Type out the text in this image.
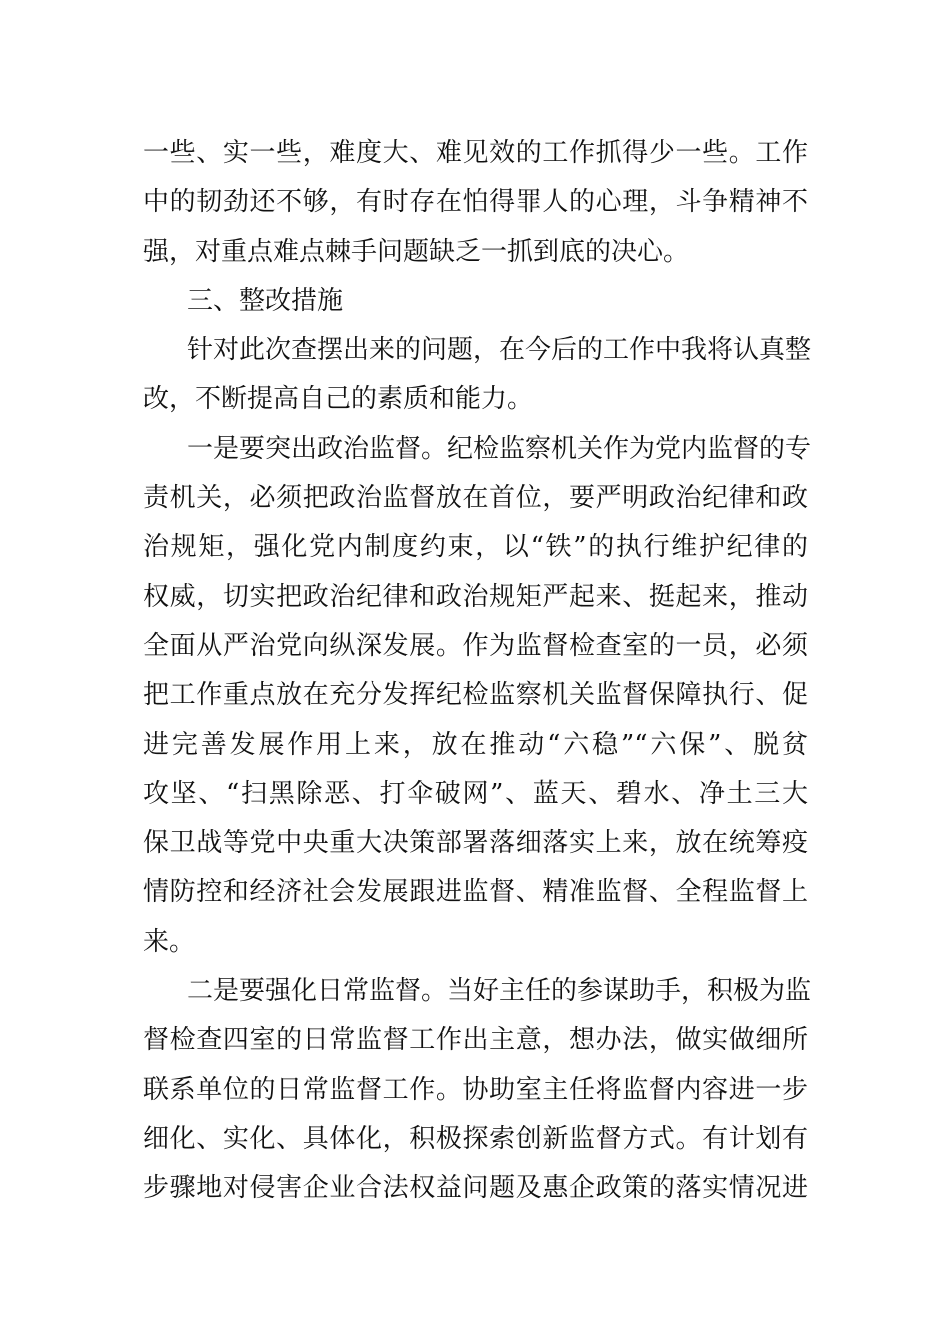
一些、实一些，难度大、难见效的工作抓得少一些。工作
中的韧劲还不够，有时存在怕得罪人的心理，斗争精神不
强，对重点难点棘手问题缺乏一抓到底的决心。
三、整改措施
针对此次查摆出来的问题，在今后的工作中我将认真整
改，不断提高自己的素质和能力。
一是要突出政治监督。纪检监察机关作为党内监督的专
责机关，必须把政治监督放在首位，要严明政治纪律和政
治规矩，强化党内制度约束，以“铁”的执行维护纪律的
权威，切实把政治纪律和政治规矩严起来、挺起来，推动
全面从严治党向纵深发展。作为监督检查室的一员，必须
把工作重点放在充分发挥纪检监察机关监督保障执行、促
进完善发展作用上来，放在推动“六稳”“六保”、脱贫
攻坚、“扫黑除恶、打伞破网”、蓝天、碧水、净土三大
保卫战等党中央重大决策部署落细落实上来，放在统筹疫
情防控和经济社会发展跟进监督、精准监督、全程监督上
来。
二是要强化日常监督。当好主任的参谋助手，积极为监
督检查四室的日常监督工作出主意，想办法，做实做细所
联系单位的日常监督工作。协助室主任将监督内容进一步
细化、实化、具体化，积极探索创新监督方式。有计划有
步骤地对侵害企业合法权益问题及惠企政策的落实情况进
